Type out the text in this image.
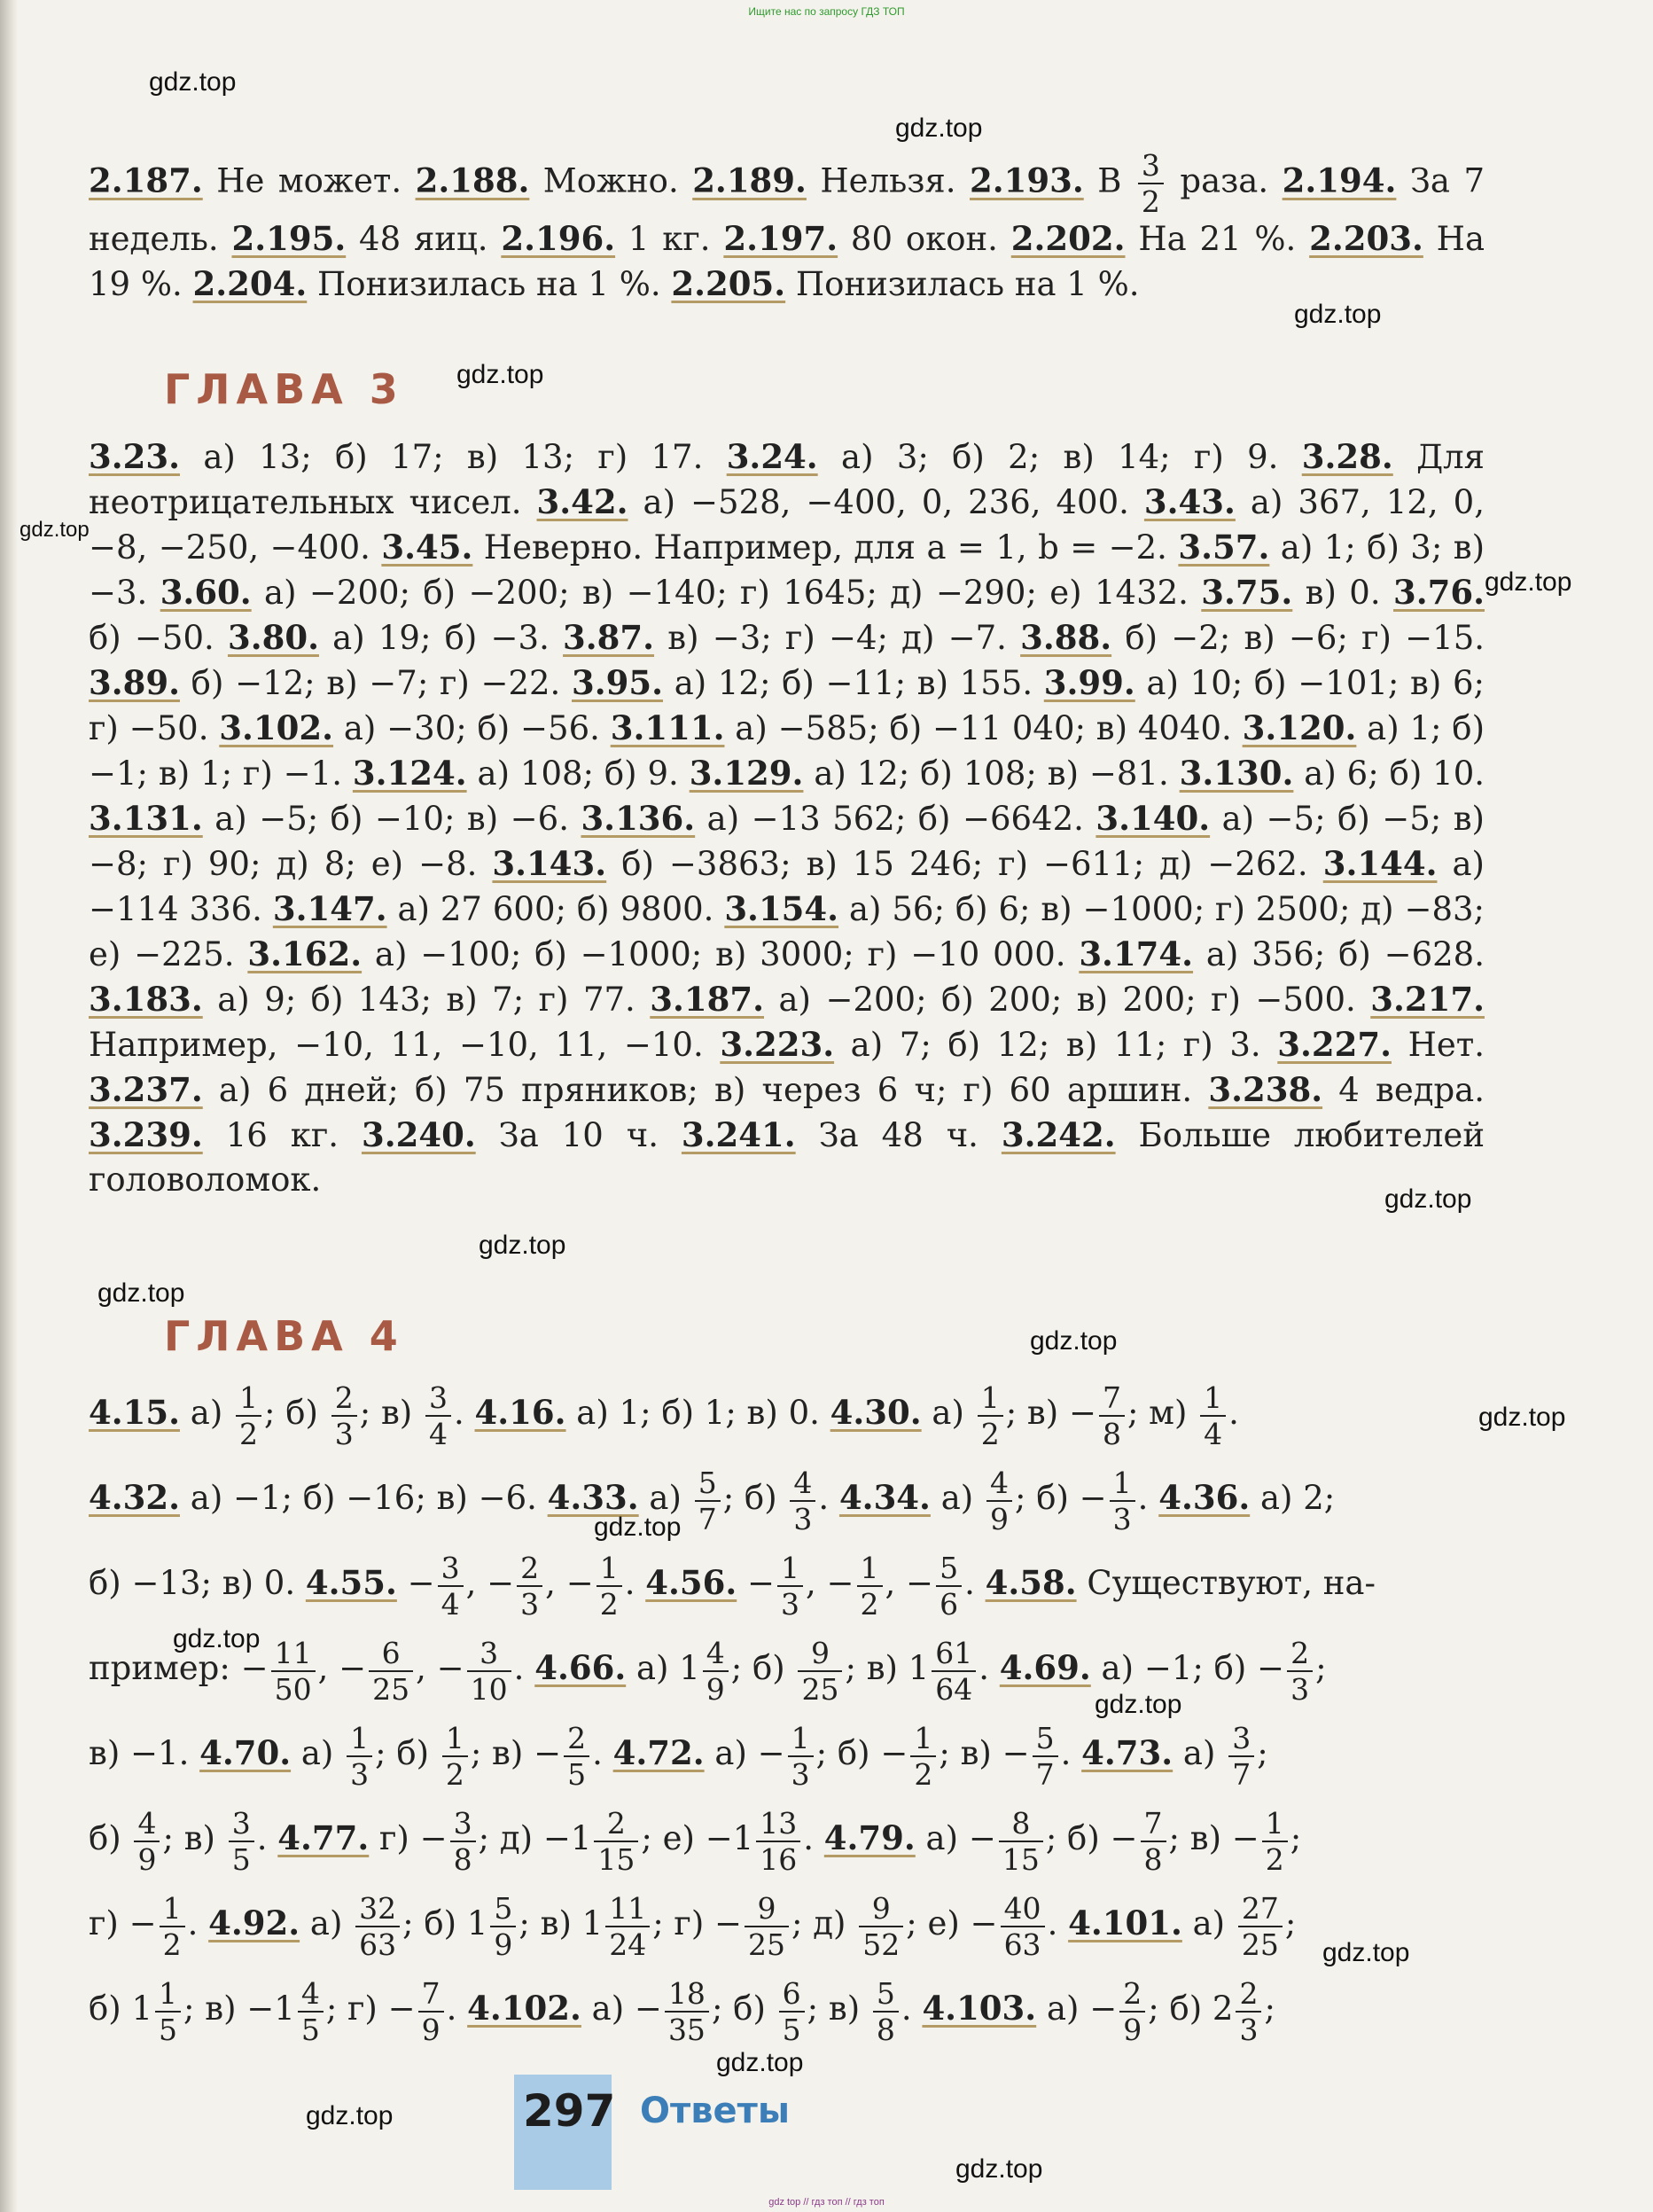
Ищите нас по запросу ГДЗ ТОП
2.187. Не может. 2.188. Можно. 2.189. Нельзя. 2.193. В $\frac{3}{2}$ раза. 2.194. За 7 недель. 2.195. 48 яиц. 2.196. 1 кг. 2.197. 80 окон. 2.202. На 21 %. 2.203. На 19 %. 2.204. Понизилась на 1 %. 2.205. Понизилась на 1 %.
ГЛАВА 3
3.23. а) 13; б) 17; в) 13; г) 17. 3.24. а) 3; б) 2; в) 14; г) 9. 3.28. Для неотрицательных чисел. 3.42. а) −528, −400, 0, 236, 400. 3.43. а) 367, 12, 0, −8, −250, −400. 3.45. Неверно. Например, для a = 1, b = −2. 3.57. а) 1; б) 3; в) −3. 3.60. а) −200; б) −200; в) −140; г) 1645; д) −290; е) 1432. 3.75. в) 0. 3.76. б) −50. 3.80. а) 19; б) −3. 3.87. в) −3; г) −4; д) −7. 3.88. б) −2; в) −6; г) −15. 3.89. б) −12; в) −7; г) −22. 3.95. а) 12; б) −11; в) 155. 3.99. а) 10; б) −101; в) 6; г) −50. 3.102. а) −30; б) −56. 3.111. а) −585; б) −11 040; в) 4040. 3.120. а) 1; б) −1; в) 1; г) −1. 3.124. а) 108; б) 9. 3.129. а) 12; б) 108; в) −81. 3.130. а) 6; б) 10. 3.131. а) −5; б) −10; в) −6. 3.136. а) −13 562; б) −6642. 3.140. а) −5; б) −5; в) −8; г) 90; д) 8; е) −8. 3.143. б) −3863; в) 15 246; г) −611; д) −262. 3.144. а) −114 336. 3.147. а) 27 600; б) 9800. 3.154. а) 56; б) 6; в) −1000; г) 2500; д) −83; е) −225. 3.162. а) −100; б) −1000; в) 3000; г) −10 000. 3.174. а) 356; б) −628. 3.183. а) 9; б) 143; в) 7; г) 77. 3.187. а) −200; б) 200; в) 200; г) −500. 3.217. Например, −10, 11, −10, 11, −10. 3.223. а) 7; б) 12; в) 11; г) 3. 3.227. Нет. 3.237. а) 6 дней; б) 75 пряников; в) через 6 ч; г) 60 аршин. 3.238. 4 ведра. 3.239. 16 кг. 3.240. За 10 ч. 3.241. За 48 ч. 3.242. Больше любителей головоломок.
ГЛАВА 4
4.15. $а) \frac{1}{2}$ ; $б) \frac{2}{3}$ ; $в) \frac{3}{4}$ . 4.16. а) 1; б) 1; в) 0. 4.30. $а) \frac{1}{2}$ ; $в) - \frac{7}{8}$ ; $м) \frac{1}{4}$ .
4.32. а) −1; б) −16; в) −6. 4.33. $а) \frac{5}{7}$ ; $б) \frac{4}{3}$ . 4.34. $а) \frac{4}{9}$ ; $б) - \frac{1}{3}$ . 4.36. а) 2;
б) −13; в) 0. 4.55. − $\frac{3}{4}$ , − $\frac{2}{3}$ , − $\frac{1}{2}$ . 4.56. − $\frac{1}{3}$ , − $\frac{1}{2}$ , − $\frac{5}{6}$ . 4.58. Существуют, на-
пример: − $\frac{11}{50}$ , − $\frac{6}{25}$ , − $\frac{3}{10}$ . 4.66. а) $1 \frac{4}{9}$ ; $б) \frac{9}{25}$ ; в) $1 \frac{61}{64}$ . 4.69. а) −1; $б) - \frac{2}{3}$ ;
в) −1. 4.70. $а) \frac{1}{3}$ ; $б) \frac{1}{2}$ ; $в) - \frac{2}{5}$ . 4.72. $а) - \frac{1}{3}$ ; $б) - \frac{1}{2}$ ; $в) - \frac{5}{7}$ . 4.73. $а) \frac{3}{7}$ ;
$б) \frac{4}{9}$ ; $в) \frac{3}{5}$ . 4.77. $г) - \frac{3}{8}$ ; $д) -1 \frac{2}{15}$ ; $е) -1 \frac{13}{16}$ . 4.79. $а) - \frac{8}{15}$ ; $б) - \frac{7}{8}$ ; $в) - \frac{1}{2}$ ;
$г) - \frac{1}{2}$ . 4.92. $а) \frac{32}{63}$ ; б) $1 \frac{5}{9}$ ; в) $1 \frac{11}{24}$ ; $г) - \frac{9}{25}$ ; $д) \frac{9}{52}$ ; $е) - \frac{40}{63}$ . 4.101. $а) \frac{27}{25}$ ;
б) $1 \frac{1}{5}$ ; $в) -1 \frac{4}{5}$ ; $г) - \frac{7}{9}$ . 4.102. $а) - \frac{18}{35}$ ; $б) \frac{6}{5}$ ; $в) \frac{5}{8}$ . 4.103. $а) - \frac{2}{9}$ ; б) $2 \frac{2}{3}$ ;
297 Ответы
gdz.top
gdz.top
gdz.top
gdz.top
gdz.top
gdz.top
gdz.top
gdz.top
gdz.top
gdz.top
gdz.top
gdz.top
gdz.top
gdz.top
gdz.top
gdz.top
gdz.top
gdz.top
gdz top // гдз топ // гдз топ
